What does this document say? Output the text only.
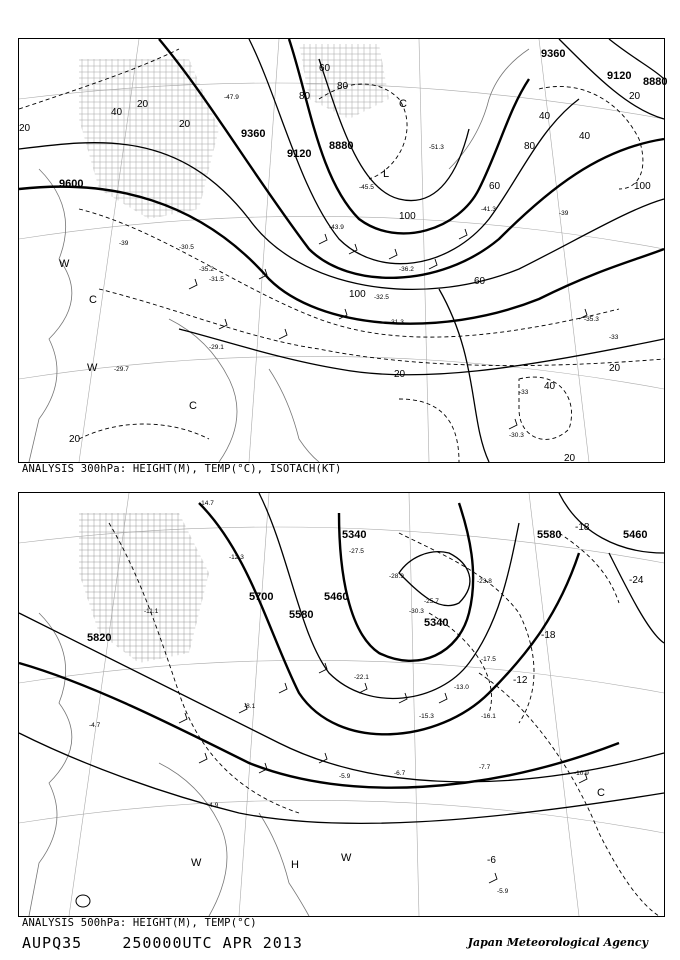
9600
9360
9120
8880
9360
9120 8880
20
40
60
80
100
20
40
60
80
100
20
40
20
20
20
20
40
60
80
100
20
L
C
W
W
C
C
-47.9
-43.9
-39
-35.2
-31.5
-30.5
-29.1
-29.7
-31.3
-32.5
-36.2
-41.3
-45.5
-51.3
-30.3
-35.3
-39
-33
-33
ANALYSIS 300hPa: HEIGHT(M), TEMP(°C), ISOTACH(KT)
5820
5700
5580
5460
5340
5340
5580	5460
-6
-12
-18
-18
-24
W	W
H
C
-14.7
-12.3
-11.1
-8.1
-4.7
-4.9
-5.9	-6.7
-7.7
-10.9
-15.3
-22.1
-27.5
-28.9
-25.7
-30.3
-23.8
-17.5
-13.0
-16.1
-5.9
ANALYSIS 500hPa: HEIGHT(M), TEMP(°C)
AUPQ35	250000UTC APR 2013	Japan Meteorological Agency
